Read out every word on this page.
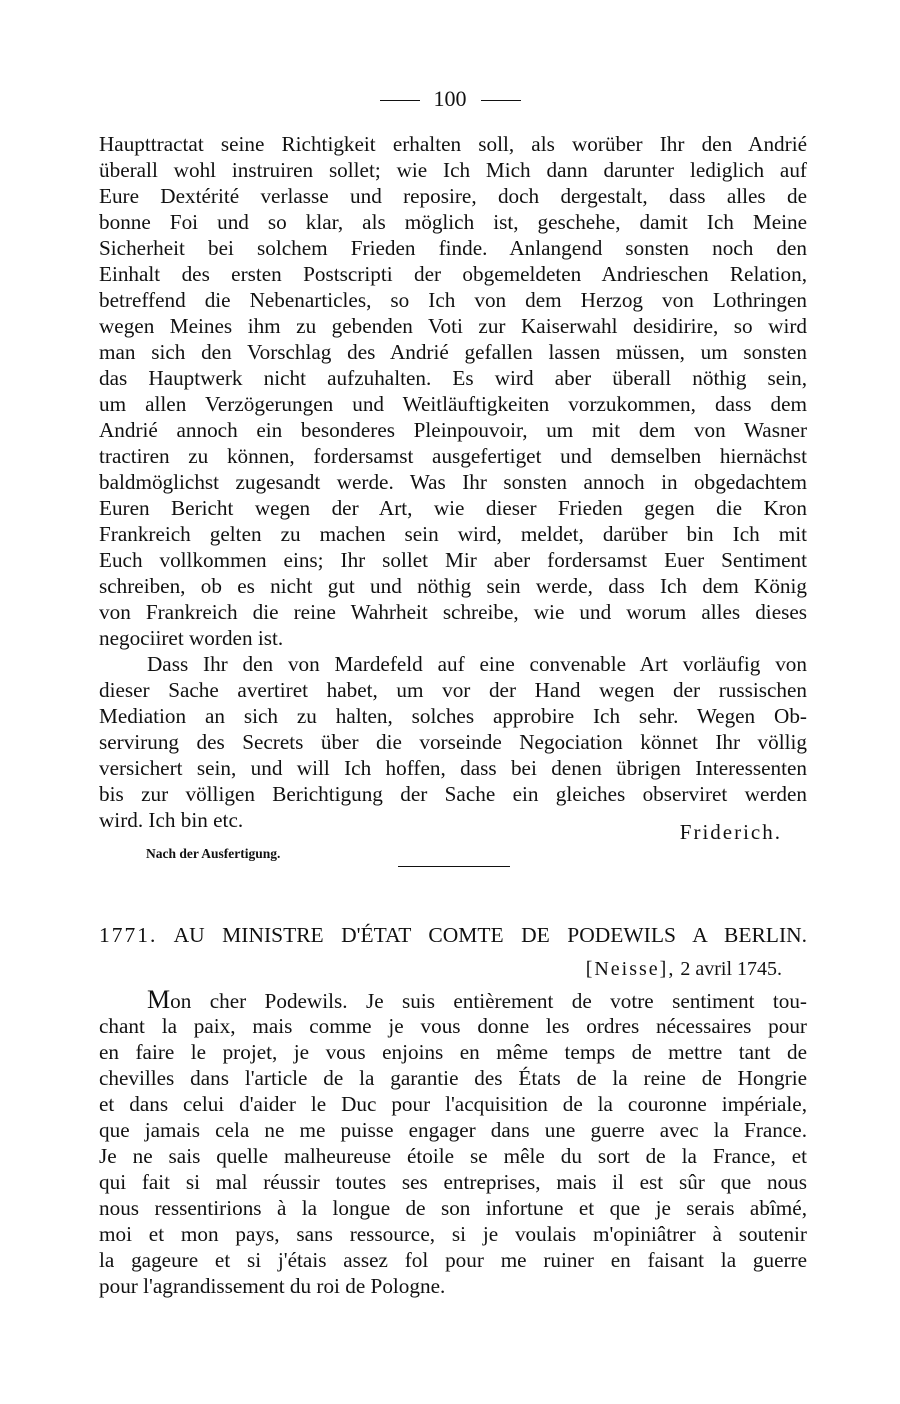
100
Haupttractat seine Richtigkeit erhalten soll, als worüber Ihr den Andrié
überall wohl instruiren sollet; wie Ich Mich dann darunter lediglich auf
Eure Dextérité verlasse und reposire, doch dergestalt, dass alles de
bonne Foi und so klar, als möglich ist, geschehe, damit Ich Meine
Sicherheit bei solchem Frieden finde. Anlangend sonsten noch den
Einhalt des ersten Postscripti der obgemeldeten Andrieschen Relation,
betreffend die Nebenarticles, so Ich von dem Herzog von Lothringen
wegen Meines ihm zu gebenden Voti zur Kaiserwahl desidirire, so wird
man sich den Vorschlag des Andrié gefallen lassen müssen, um sonsten
das Hauptwerk nicht aufzuhalten. Es wird aber überall nöthig sein,
um allen Verzögerungen und Weitläuftigkeiten vorzukommen, dass dem
Andrié annoch ein besonderes Pleinpouvoir, um mit dem von Wasner
tractiren zu können, fordersamst ausgefertiget und demselben hiernächst
baldmöglichst zugesandt werde. Was Ihr sonsten annoch in obgedachtem
Euren Bericht wegen der Art, wie dieser Frieden gegen die Kron
Frankreich gelten zu machen sein wird, meldet, darüber bin Ich mit
Euch vollkommen eins; Ihr sollet Mir aber fordersamst Euer Sentiment
schreiben, ob es nicht gut und nöthig sein werde, dass Ich dem König
von Frankreich die reine Wahrheit schreibe, wie und worum alles dieses
negociiret worden ist.
Dass Ihr den von Mardefeld auf eine convenable Art vorläufig von
dieser Sache avertiret habet, um vor der Hand wegen der russischen
Mediation an sich zu halten, solches approbire Ich sehr. Wegen Ob-
servirung des Secrets über die vorseinde Negociation könnet Ihr völlig
versichert sein, und will Ich hoffen, dass bei denen übrigen Interessenten
bis zur völligen Berichtigung der Sache ein gleiches observiret werden
wird. Ich bin etc.	Friderich.
Nach der Ausfertigung.
1771. AU MINISTRE D'ÉTAT COMTE DE PODEWILS A BERLIN.
[Neisse], 2 avril 1745.
Mon cher Podewils. Je suis entièrement de votre sentiment tou-
chant la paix, mais comme je vous donne les ordres nécessaires pour
en faire le projet, je vous enjoins en même temps de mettre tant de
chevilles dans l'article de la garantie des États de la reine de Hongrie
et dans celui d'aider le Duc pour l'acquisition de la couronne impériale,
que jamais cela ne me puisse engager dans une guerre avec la France.
Je ne sais quelle malheureuse étoile se mêle du sort de la France, et
qui fait si mal réussir toutes ses entreprises, mais il est sûr que nous
nous ressentirions à la longue de son infortune et que je serais abîmé,
moi et mon pays, sans ressource, si je voulais m'opiniâtrer à soutenir
la gageure et si j'étais assez fol pour me ruiner en faisant la guerre
pour l'agrandissement du roi de Pologne.
